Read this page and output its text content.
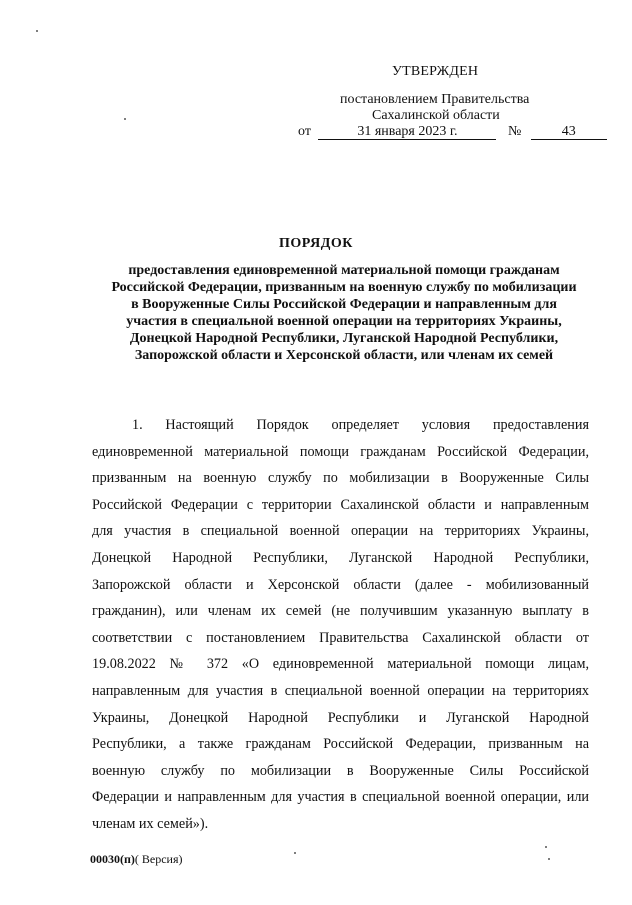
УТВЕРЖДЕН
постановлением Правительства
Сахалинской области
от	31 января 2023 г.	№	43
ПОРЯДОК
предоставления единовременной материальной помощи гражданам
Российской Федерации, призванным на военную службу по мобилизации
в Вооруженные Силы Российской Федерации и направленным для
участия в специальной военной операции на территориях Украины,
Донецкой Народной Республики, Луганской Народной Республики,
Запорожской области и Херсонской области, или членам их семей
1. Настоящий Порядок определяет условия предоставления
единовременной материальной помощи гражданам Российской Федерации,
призванным на военную службу по мобилизации в Вооруженные Силы
Российской Федерации с территории Сахалинской области и направленным
для участия в специальной военной операции на территориях Украины,
Донецкой Народной Республики, Луганской Народной Республики,
Запорожской области и Херсонской области (далее - мобилизованный
гражданин), или членам их семей (не получившим указанную выплату в
соответствии с постановлением Правительства Сахалинской области от
19.08.2022 № 372 «О единовременной материальной помощи лицам,
направленным для участия в специальной военной операции на территориях
Украины, Донецкой Народной Республики и Луганской Народной
Республики, а также гражданам Российской Федерации, призванным на
военную службу по мобилизации в Вооруженные Силы Российской
Федерации и направленным для участия в специальной военной операции, или
членам их семей»).
00030(п)( Версия)
